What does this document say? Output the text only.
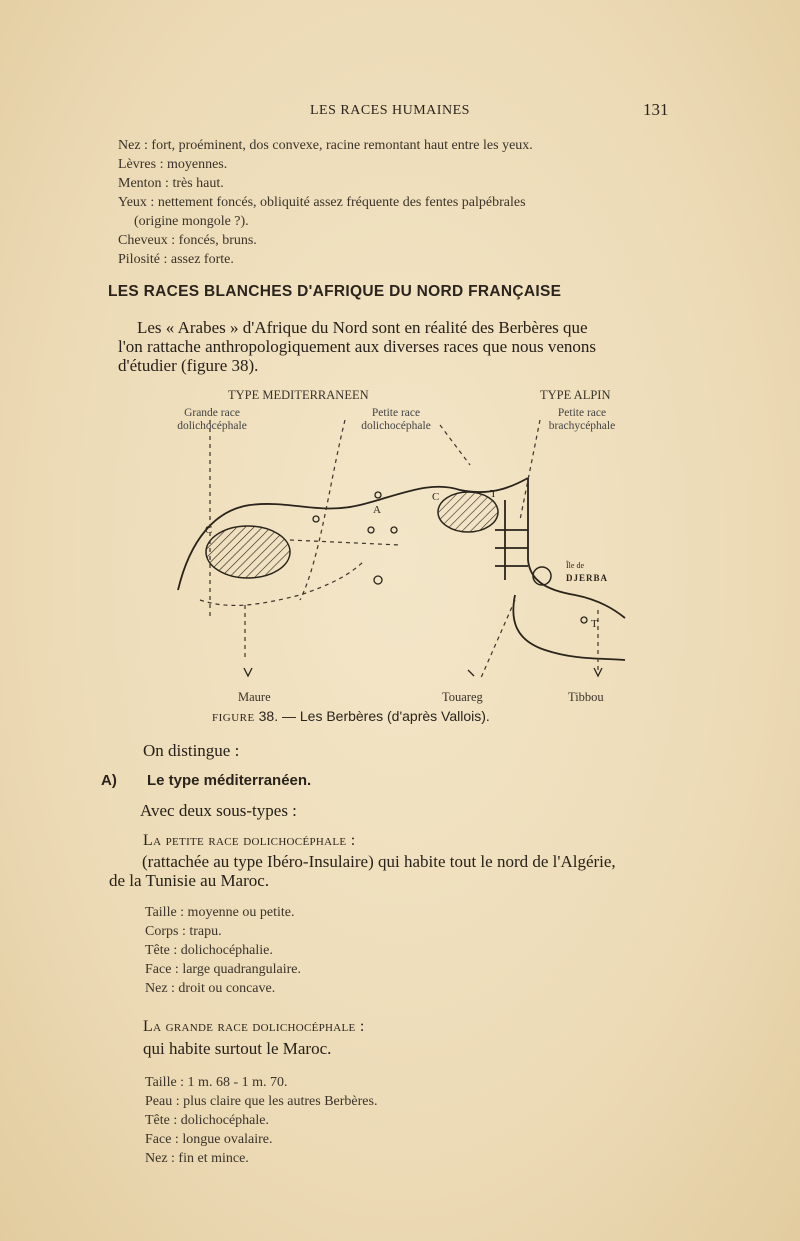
LES RACES HUMAINES	131
Nez : fort, proéminent, dos convexe, racine remontant haut entre les yeux.
Lèvres : moyennes.
Menton : très haut.
Yeux : nettement foncés, obliquité assez fréquente des fentes palpébrales
(origine mongole ?).
Cheveux : foncés, bruns.
Pilosité : assez forte.
LES RACES BLANCHES D'AFRIQUE DU NORD FRANÇAISE
Les « Arabes » d'Afrique du Nord sont en réalité des Berbères que
l'on rattache anthropologiquement aux diverses races que nous venons
d'étudier (figure 38).
TYPE MEDITERRANEEN	TYPE ALPIN
Grande race
dolichocéphale
Petite race
dolichocéphale
Petite race
brachycéphale
C
A
C	T
T
Île de
DJERBA
Maure	Touareg	Tibbou
FIGURE 38. — Les Berbères (d'après Vallois).
On distingue :
A) Le type méditerranéen.
Avec deux sous-types :
La petite race dolichocéphale :
(rattachée au type Ibéro-Insulaire) qui habite tout le nord de l'Algérie,
de la Tunisie au Maroc.
Taille : moyenne ou petite.
Corps : trapu.
Tête : dolichocéphalie.
Face : large quadrangulaire.
Nez : droit ou concave.
La grande race dolichocéphale :
qui habite surtout le Maroc.
Taille : 1 m. 68 - 1 m. 70.
Peau : plus claire que les autres Berbères.
Tête : dolichocéphale.
Face : longue ovalaire.
Nez : fin et mince.
